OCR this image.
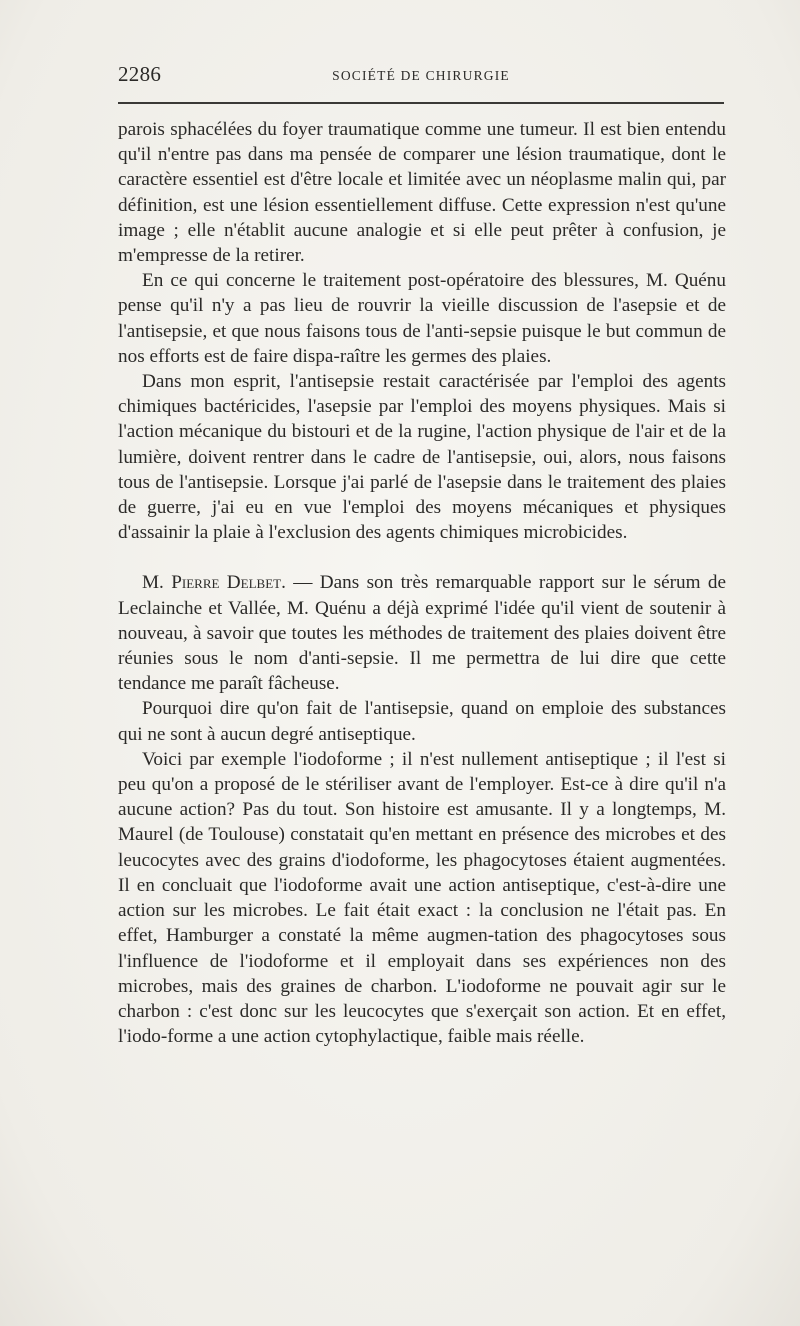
2286	SOCIÉTÉ DE CHIRURGIE

parois sphacélées du foyer traumatique comme une tumeur. Il est bien entendu qu'il n'entre pas dans ma pensée de comparer une lésion traumatique, dont le caractère essentiel est d'être locale et limitée avec un néoplasme malin qui, par définition, est une lésion essentiellement diffuse. Cette expression n'est qu'une image ; elle n'établit aucune analogie et si elle peut prêter à confusion, je m'empresse de la retirer.

En ce qui concerne le traitement post-opératoire des blessures, M. Quénu pense qu'il n'y a pas lieu de rouvrir la vieille discussion de l'asepsie et de l'antisepsie, et que nous faisons tous de l'anti-sepsie puisque le but commun de nos efforts est de faire dispa-raître les germes des plaies.

Dans mon esprit, l'antisepsie restait caractérisée par l'emploi des agents chimiques bactéricides, l'asepsie par l'emploi des moyens physiques. Mais si l'action mécanique du bistouri et de la rugine, l'action physique de l'air et de la lumière, doivent rentrer dans le cadre de l'antisepsie, oui, alors, nous faisons tous de l'antisepsie. Lorsque j'ai parlé de l'asepsie dans le traitement des plaies de guerre, j'ai eu en vue l'emploi des moyens mécaniques et physiques d'assainir la plaie à l'exclusion des agents chimiques microbicides.

M. Pierre Delbet. — Dans son très remarquable rapport sur le sérum de Leclainche et Vallée, M. Quénu a déjà exprimé l'idée qu'il vient de soutenir à nouveau, à savoir que toutes les méthodes de traitement des plaies doivent être réunies sous le nom d'anti-sepsie. Il me permettra de lui dire que cette tendance me paraît fâcheuse.

Pourquoi dire qu'on fait de l'antisepsie, quand on emploie des substances qui ne sont à aucun degré antiseptique.

Voici par exemple l'iodoforme ; il n'est nullement antiseptique ; il l'est si peu qu'on a proposé de le stériliser avant de l'employer. Est-ce à dire qu'il n'a aucune action? Pas du tout. Son histoire est amusante. Il y a longtemps, M. Maurel (de Toulouse) constatait qu'en mettant en présence des microbes et des leucocytes avec des grains d'iodoforme, les phagocytoses étaient augmentées. Il en concluait que l'iodoforme avait une action antiseptique, c'est-à-dire une action sur les microbes. Le fait était exact : la conclusion ne l'était pas. En effet, Hamburger a constaté la même augmen-tation des phagocytoses sous l'influence de l'iodoforme et il employait dans ses expériences non des microbes, mais des graines de charbon. L'iodoforme ne pouvait agir sur le charbon : c'est donc sur les leucocytes que s'exerçait son action. Et en effet, l'iodo-forme a une action cytophylactique, faible mais réelle.
